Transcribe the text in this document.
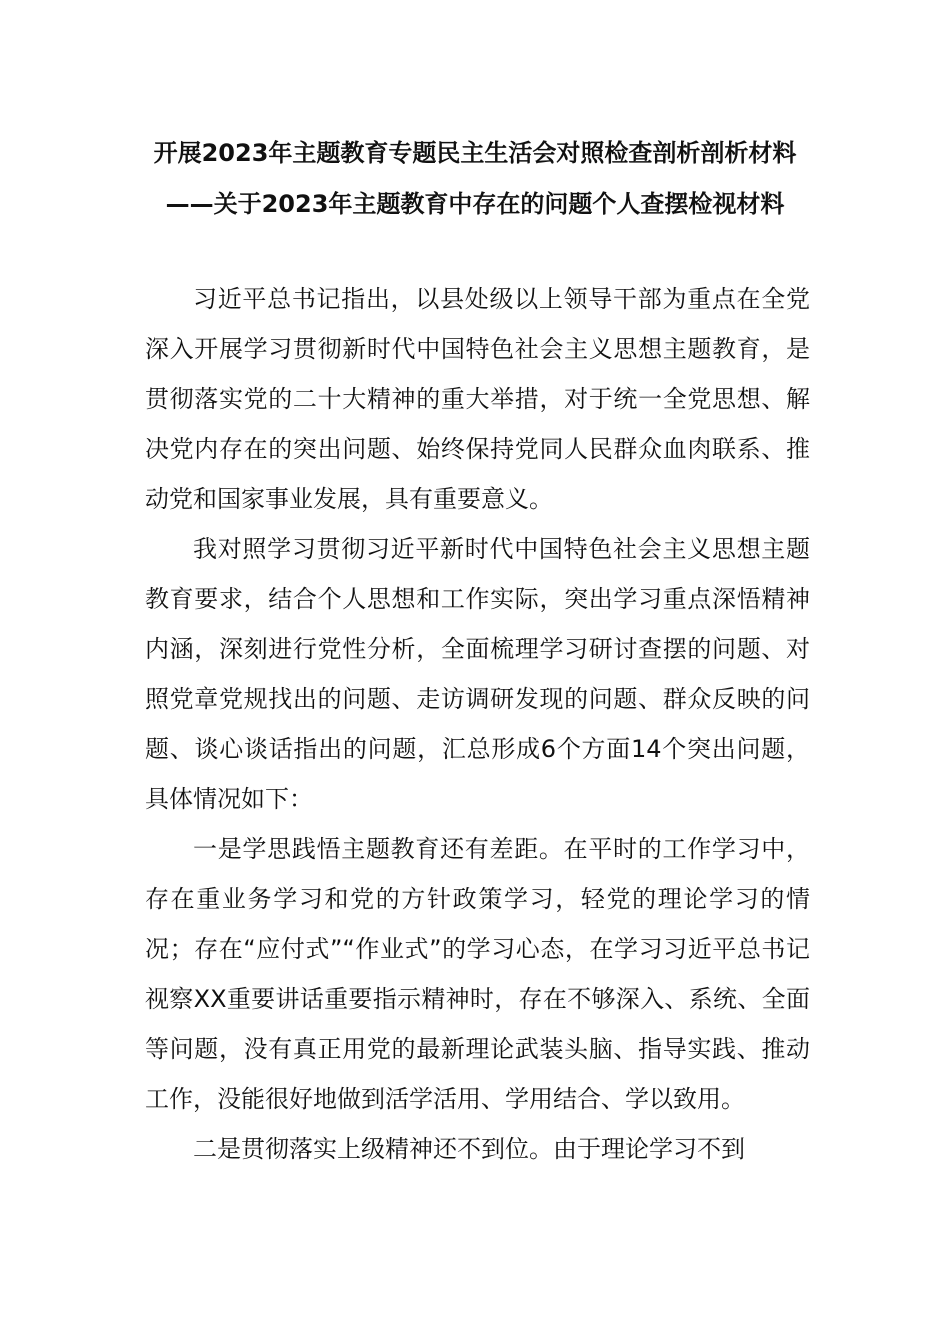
开展2023年主题教育专题民主生活会对照检查剖析剖析材料——关于2023年主题教育中存在的问题个人查摆检视材料

习近平总书记指出，以县处级以上领导干部为重点在全党深入开展学习贯彻新时代中国特色社会主义思想主题教育，是贯彻落实党的二十大精神的重大举措，对于统一全党思想、解决党内存在的突出问题、始终保持党同人民群众血肉联系、推动党和国家事业发展，具有重要意义。

我对照学习贯彻习近平新时代中国特色社会主义思想主题教育要求，结合个人思想和工作实际，突出学习重点深悟精神内涵，深刻进行党性分析，全面梳理学习研讨查摆的问题、对照党章党规找出的问题、走访调研发现的问题、群众反映的问题、谈心谈话指出的问题，汇总形成6个方面14个突出问题，具体情况如下：

一是学思践悟主题教育还有差距。在平时的工作学习中，存在重业务学习和党的方针政策学习，轻党的理论学习的情况；存在“应付式”“作业式”的学习心态，在学习习近平总书记视察XX重要讲话重要指示精神时，存在不够深入、系统、全面等问题，没有真正用党的最新理论武装头脑、指导实践、推动工作，没能很好地做到活学活用、学用结合、学以致用。

二是贯彻落实上级精神还不到位。由于理论学习不到
